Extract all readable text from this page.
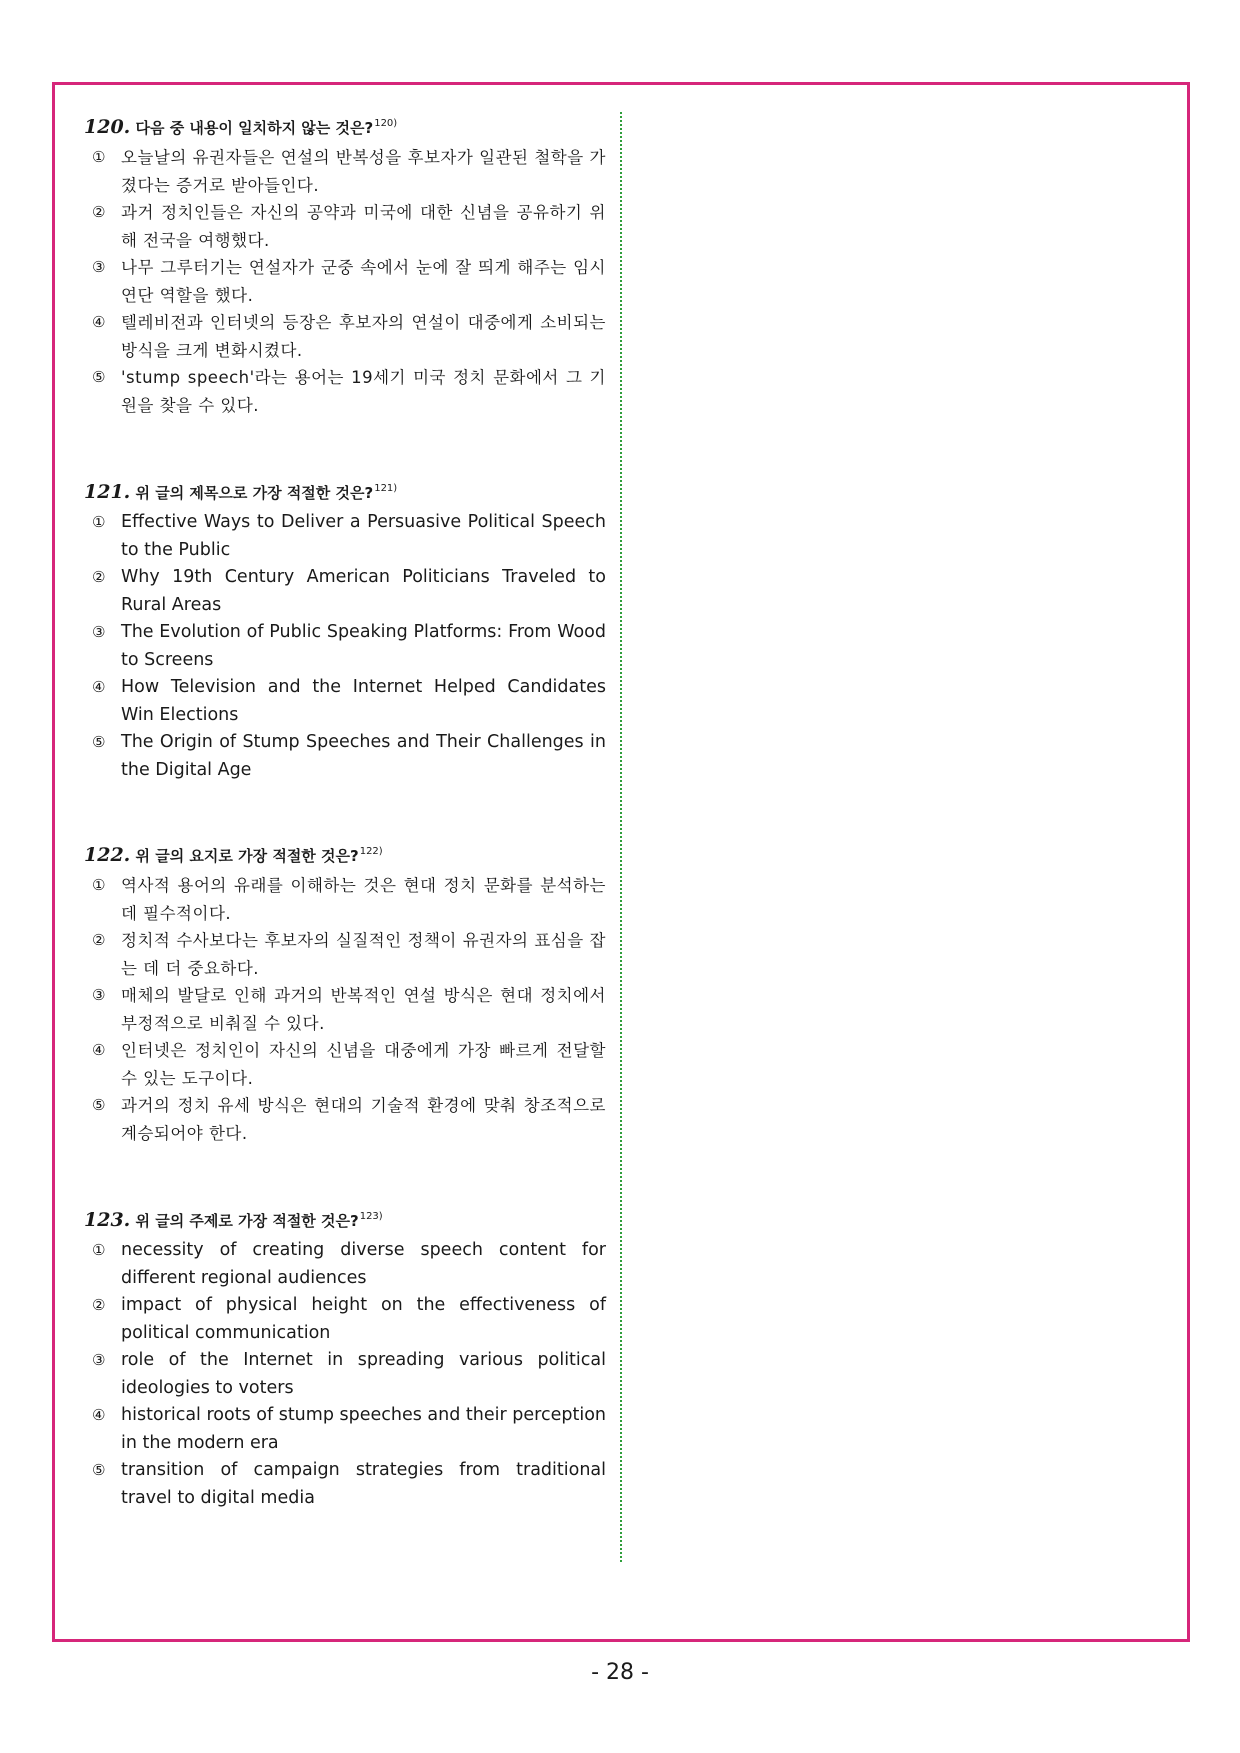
120. 다음 중 내용이 일치하지 않는 것은?$^{120)}$
① 오늘날의 유권자들은 연설의 반복성을 후보자가 일관된 철학을 가졌다는 증거로 받아들인다.
② 과거 정치인들은 자신의 공약과 미국에 대한 신념을 공유하기 위해 전국을 여행했다.
③ 나무 그루터기는 연설자가 군중 속에서 눈에 잘 띄게 해주는 임시 연단 역할을 했다.
④ 텔레비전과 인터넷의 등장은 후보자의 연설이 대중에게 소비되는 방식을 크게 변화시켰다.
⑤ 'stump speech'라는 용어는 19세기 미국 정치 문화에서 그 기원을 찾을 수 있다.
121. 위 글의 제목으로 가장 적절한 것은?$^{121)}$
① Effective Ways to Deliver a Persuasive Political Speech to the Public
② Why 19th Century American Politicians Traveled to Rural Areas
③ The Evolution of Public Speaking Platforms: From Wood to Screens
④ How Television and the Internet Helped Candidates Win Elections
⑤ The Origin of Stump Speeches and Their Challenges in the Digital Age
122. 위 글의 요지로 가장 적절한 것은?$^{122)}$
① 역사적 용어의 유래를 이해하는 것은 현대 정치 문화를 분석하는 데 필수적이다.
② 정치적 수사보다는 후보자의 실질적인 정책이 유권자의 표심을 잡는 데 더 중요하다.
③ 매체의 발달로 인해 과거의 반복적인 연설 방식은 현대 정치에서 부정적으로 비춰질 수 있다.
④ 인터넷은 정치인이 자신의 신념을 대중에게 가장 빠르게 전달할 수 있는 도구이다.
⑤ 과거의 정치 유세 방식은 현대의 기술적 환경에 맞춰 창조적으로 계승되어야 한다.
123. 위 글의 주제로 가장 적절한 것은?$^{123)}$
① necessity of creating diverse speech content for different regional audiences
② impact of physical height on the effectiveness of political communication
③ role of the Internet in spreading various political ideologies to voters
④ historical roots of stump speeches and their perception in the modern era
⑤ transition of campaign strategies from traditional travel to digital media
- 28 -
